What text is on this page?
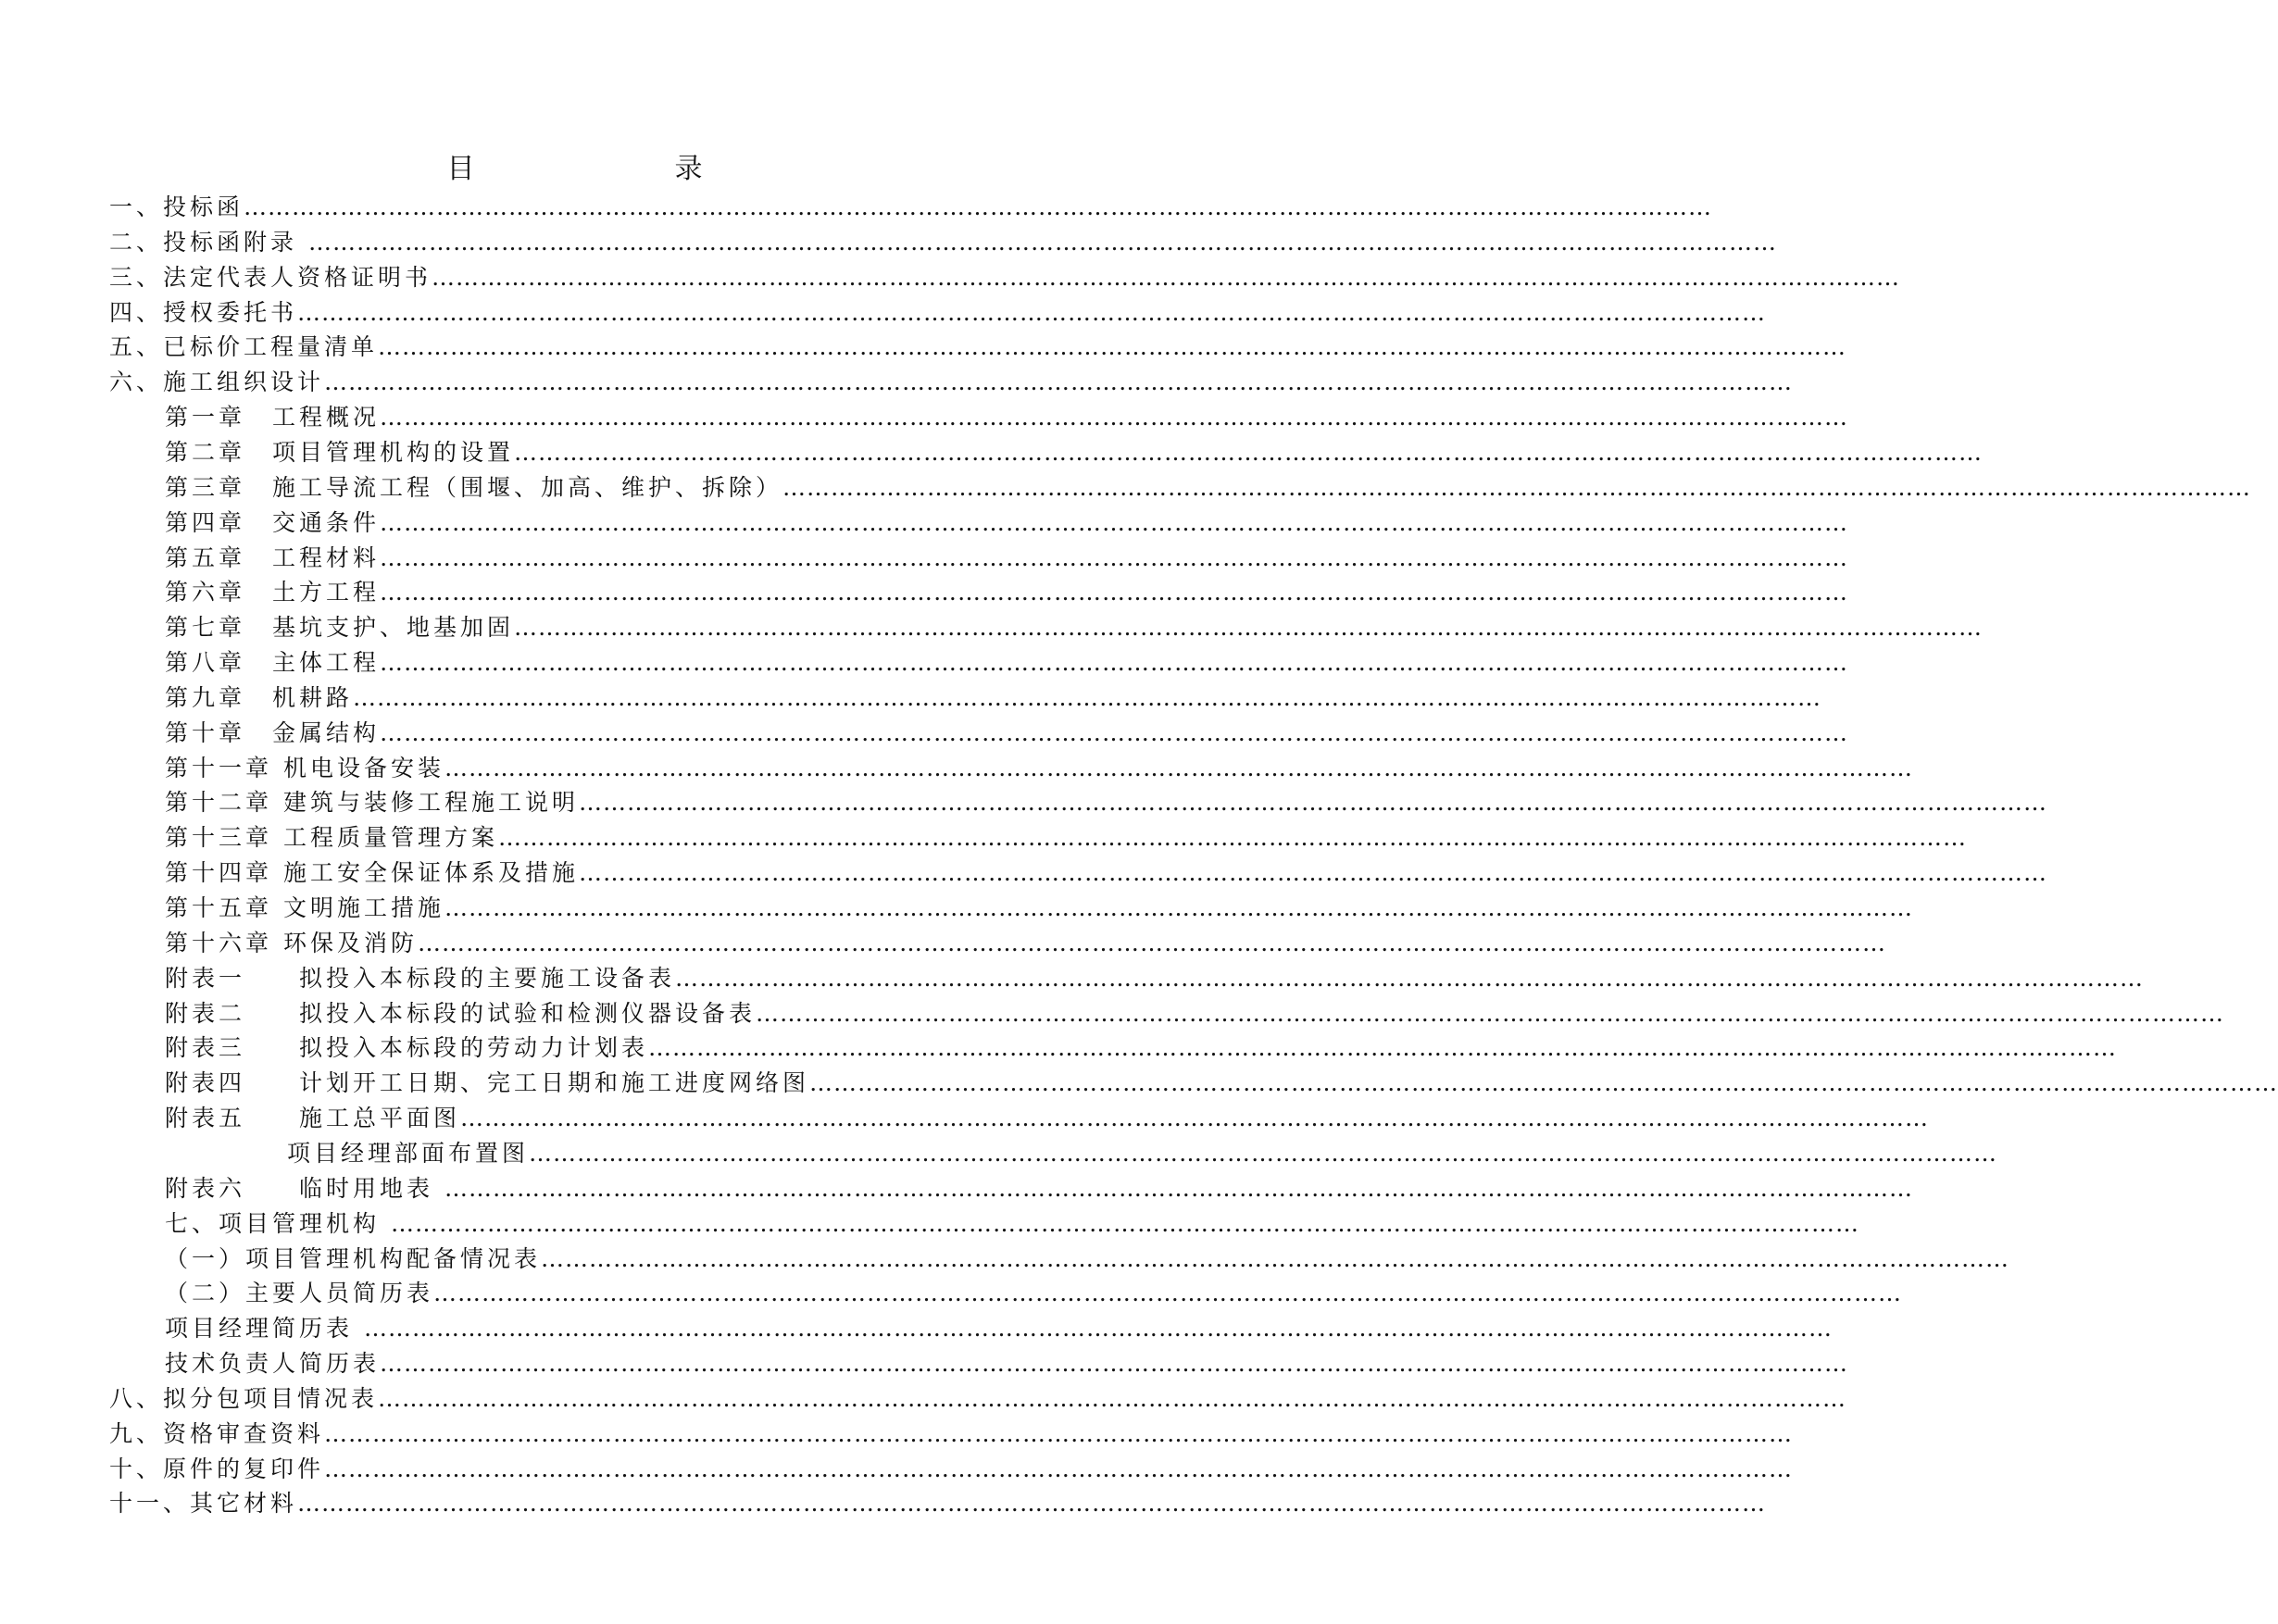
目　　录
一、投标函…………………………………………………………………………………………………………………………………………………………………
二、投标函附录 …………………………………………………………………………………………………………………………………………………………………
三、法定代表人资格证明书…………………………………………………………………………………………………………………………………………………………………
四、授权委托书…………………………………………………………………………………………………………………………………………………………………
五、已标价工程量清单…………………………………………………………………………………………………………………………………………………………………
六、施工组织设计…………………………………………………………………………………………………………………………………………………………………
第一章　工程概况…………………………………………………………………………………………………………………………………………………………………
第二章　项目管理机构的设置…………………………………………………………………………………………………………………………………………………………………
第三章　施工导流工程（围堰、加高、维护、拆除）…………………………………………………………………………………………………………………………………………………………………
第四章　交通条件…………………………………………………………………………………………………………………………………………………………………
第五章　工程材料…………………………………………………………………………………………………………………………………………………………………
第六章　土方工程…………………………………………………………………………………………………………………………………………………………………
第七章　基坑支护、地基加固…………………………………………………………………………………………………………………………………………………………………
第八章　主体工程…………………………………………………………………………………………………………………………………………………………………
第九章　机耕路…………………………………………………………………………………………………………………………………………………………………
第十章　金属结构…………………………………………………………………………………………………………………………………………………………………
第十一章 机电设备安装…………………………………………………………………………………………………………………………………………………………………
第十二章 建筑与装修工程施工说明…………………………………………………………………………………………………………………………………………………………………
第十三章 工程质量管理方案…………………………………………………………………………………………………………………………………………………………………
第十四章 施工安全保证体系及措施…………………………………………………………………………………………………………………………………………………………………
第十五章 文明施工措施…………………………………………………………………………………………………………………………………………………………………
第十六章 环保及消防…………………………………………………………………………………………………………………………………………………………………
附表一　　拟投入本标段的主要施工设备表…………………………………………………………………………………………………………………………………………………………………
附表二　　拟投入本标段的试验和检测仪器设备表…………………………………………………………………………………………………………………………………………………………………
附表三　　拟投入本标段的劳动力计划表…………………………………………………………………………………………………………………………………………………………………
附表四　　计划开工日期、完工日期和施工进度网络图…………………………………………………………………………………………………………………………………………………………………
附表五　　施工总平面图…………………………………………………………………………………………………………………………………………………………………
项目经理部面布置图…………………………………………………………………………………………………………………………………………………………………
附表六　　临时用地表 …………………………………………………………………………………………………………………………………………………………………
七、项目管理机构 …………………………………………………………………………………………………………………………………………………………………
（一）项目管理机构配备情况表…………………………………………………………………………………………………………………………………………………………………
（二）主要人员简历表…………………………………………………………………………………………………………………………………………………………………
项目经理简历表 …………………………………………………………………………………………………………………………………………………………………
技术负责人简历表…………………………………………………………………………………………………………………………………………………………………
八、拟分包项目情况表…………………………………………………………………………………………………………………………………………………………………
九、资格审查资料…………………………………………………………………………………………………………………………………………………………………
十、原件的复印件…………………………………………………………………………………………………………………………………………………………………
十一、其它材料…………………………………………………………………………………………………………………………………………………………………
